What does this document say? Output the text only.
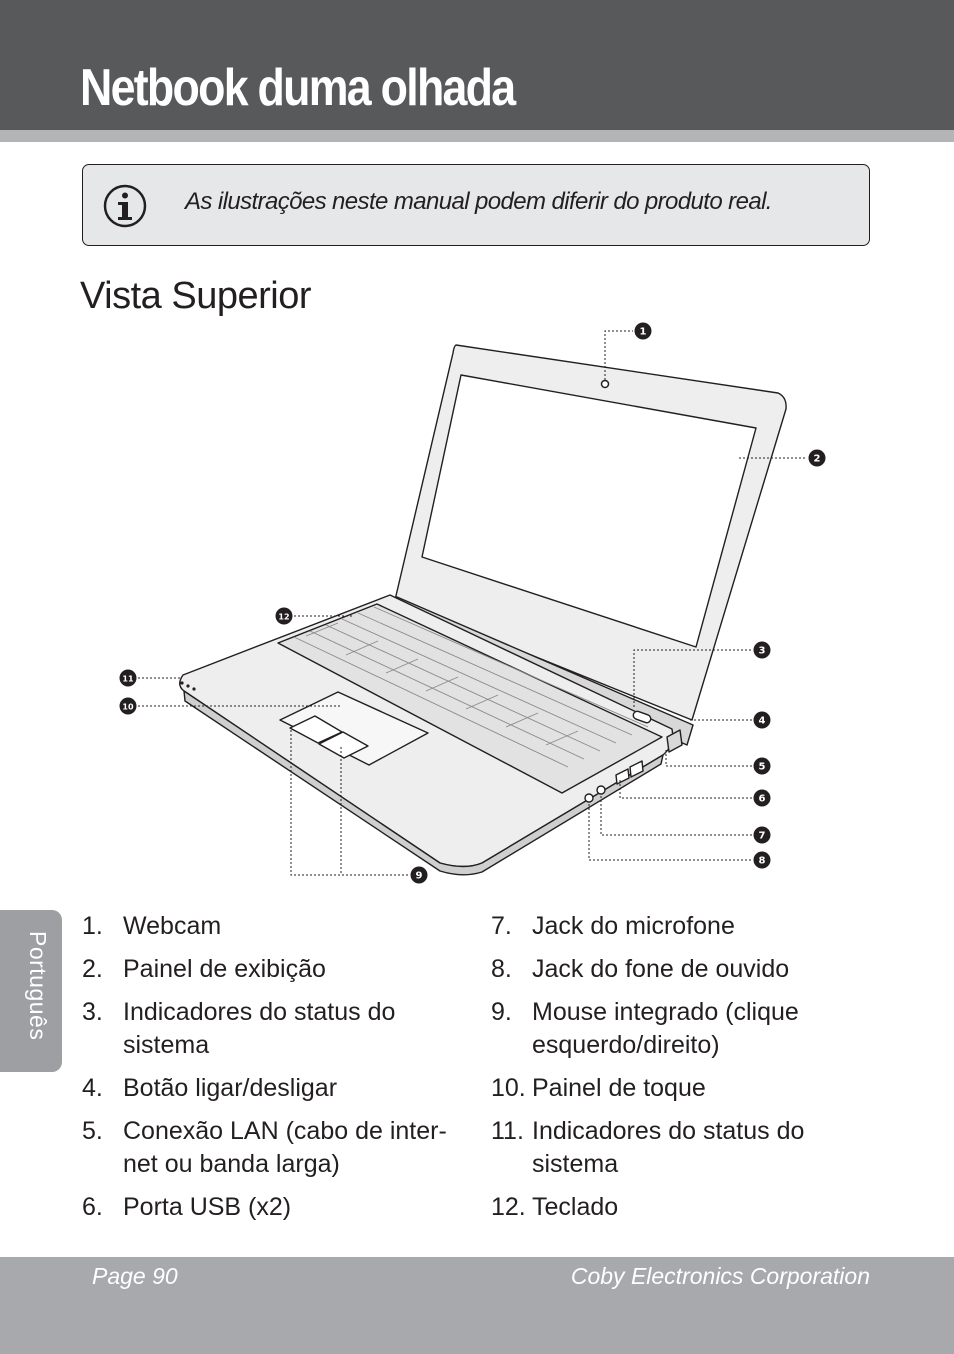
Netbook duma olhada
As ilustrações neste manual podem diferir do produto real.
Vista Superior
1
2
3
4
5
6
7
8
9
10
11
12
1. Webcam
2. Painel de exibição
3. Indicadores do status do sistema
4. Botão ligar/desligar
5. Conexão LAN (cabo de inter-net ou banda larga)
6. Porta USB (x2)
7. Jack do microfone
8. Jack do fone de ouvido
9. Mouse integrado (clique esquerdo/direito)
10. Painel de toque
11. Indicadores do status do sistema
12. Teclado
Português
Page 90	Coby Electronics Corporation
